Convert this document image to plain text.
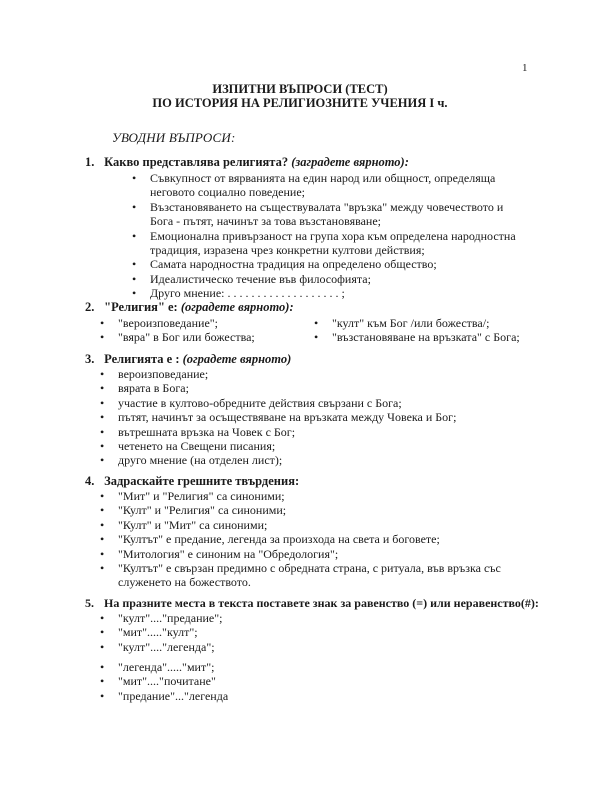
1
ИЗПИТНИ ВЪПРОСИ (ТЕСТ)
ПО ИСТОРИЯ НА РЕЛИГИОЗНИТЕ УЧЕНИЯ І ч.
УВОДНИ ВЪПРОСИ:
1. Какво представлява религията? (заградете вярното):
• Съвкупност от вярванията на един народ или общност, определяща неговото социално поведение;
• Възстановяването на съществувалата "връзка" между човечеството и Бога - пътят, начинът за това възстановяване;
• Емоционална привързаност на група хора към определена народностна традиция, изразена чрез конкретни култови действия;
• Самата народностна традиция на определено общество;
• Идеалистическо течение във философията;
• Друго мнение: . . . . . . . . . . . . . . . . . . . ;
2. "Религия" е: (оградете вярното):
• "вероизповедание";
• "вяра" в Бог или божества;
• "култ" към Бог /или божества/;
• "възстановяване на връзката" с Бога;
3. Религията е : (оградете вярното)
• вероизповедание;
• вярата в Бога;
• участие в култово-обредните действия свързани с Бога;
• пътят, начинът за осъществяване на връзката между Човека и Бог;
• вътрешната връзка на Човек с Бог;
• четенето на Свещени писания;
• друго мнение (на отделен лист);
4. Задраскайте грешните твърдения:
• "Мит" и "Религия" са синоними;
• "Култ" и "Религия" са синоними;
• "Култ" и "Мит" са синоними;
• "Култът" е предание, легенда за произхода на света и боговете;
• "Митология" е синоним на "Обредология";
• "Култът" е свързан предимно с обредната страна, с ритуала, във връзка със служенето на божеството.
5. На празните места в текста поставете знак за равенство (=) или неравенство(#):
• "култ"...."предание";
• "мит"....."култ";
• "култ"...."легенда";
• "легенда"....."мит";
• "мит"...."почитане"
• "предание"..."легенда
